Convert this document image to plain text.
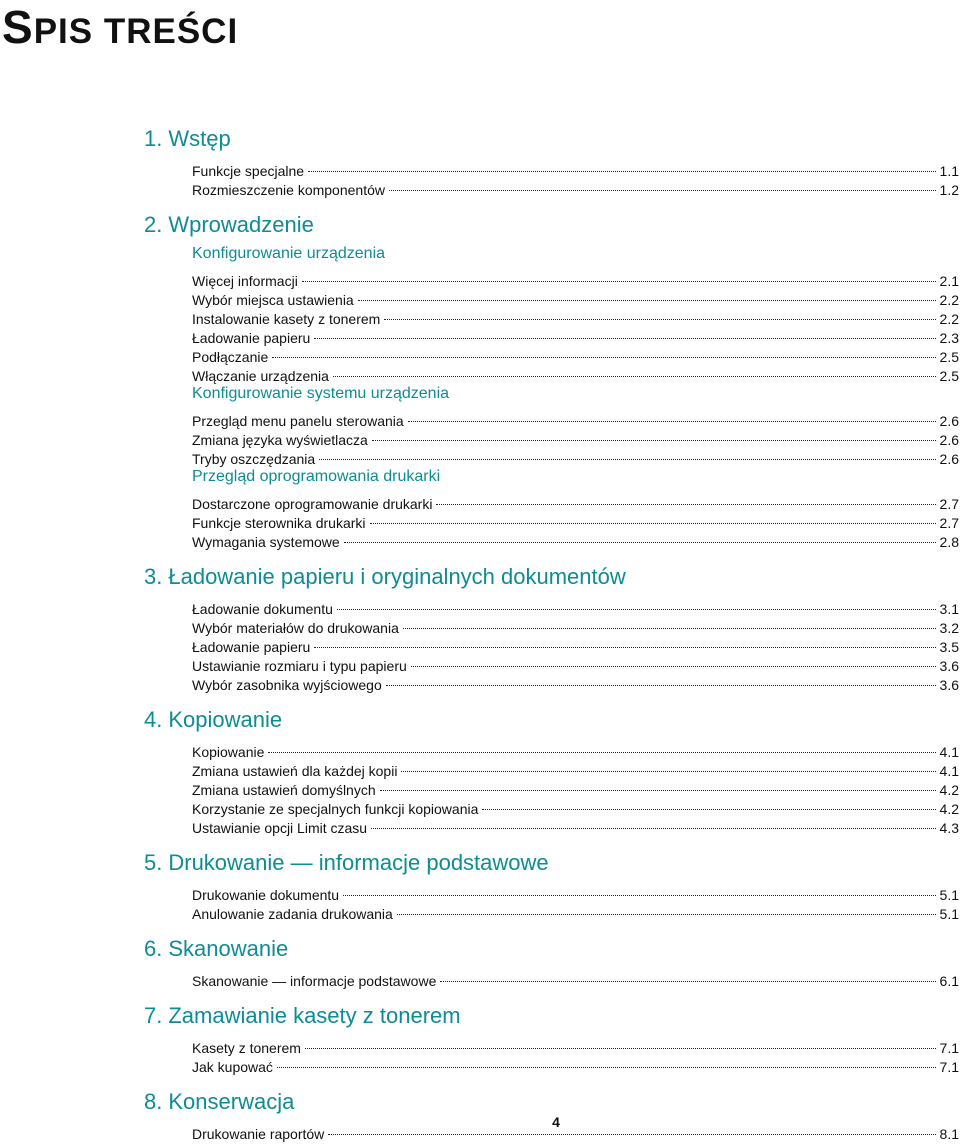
SPIS TREŚCI
1. Wstęp
Funkcje specjalne	1.1
Rozmieszczenie komponentów	1.2
2. Wprowadzenie
Konfigurowanie urządzenia
Więcej informacji	2.1
Wybór miejsca ustawienia	2.2
Instalowanie kasety z tonerem	2.2
Ładowanie papieru	2.3
Podłączanie	2.5
Włączanie urządzenia	2.5
Konfigurowanie systemu urządzenia
Przegląd menu panelu sterowania	2.6
Zmiana języka wyświetlacza	2.6
Tryby oszczędzania	2.6
Przegląd oprogramowania drukarki
Dostarczone oprogramowanie drukarki	2.7
Funkcje sterownika drukarki	2.7
Wymagania systemowe	2.8
3. Ładowanie papieru i oryginalnych dokumentów
Ładowanie dokumentu	3.1
Wybór materiałów do drukowania	3.2
Ładowanie papieru	3.5
Ustawianie rozmiaru i typu papieru	3.6
Wybór zasobnika wyjściowego	3.6
4. Kopiowanie
Kopiowanie	4.1
Zmiana ustawień dla każdej kopii	4.1
Zmiana ustawień domyślnych	4.2
Korzystanie ze specjalnych funkcji kopiowania	4.2
Ustawianie opcji Limit czasu	4.3
5. Drukowanie — informacje podstawowe
Drukowanie dokumentu	5.1
Anulowanie zadania drukowania	5.1
6. Skanowanie
Skanowanie — informacje podstawowe	6.1
7. Zamawianie kasety z tonerem
Kasety z tonerem	7.1
Jak kupować	7.1
8. Konserwacja
Drukowanie raportów	8.1
4
